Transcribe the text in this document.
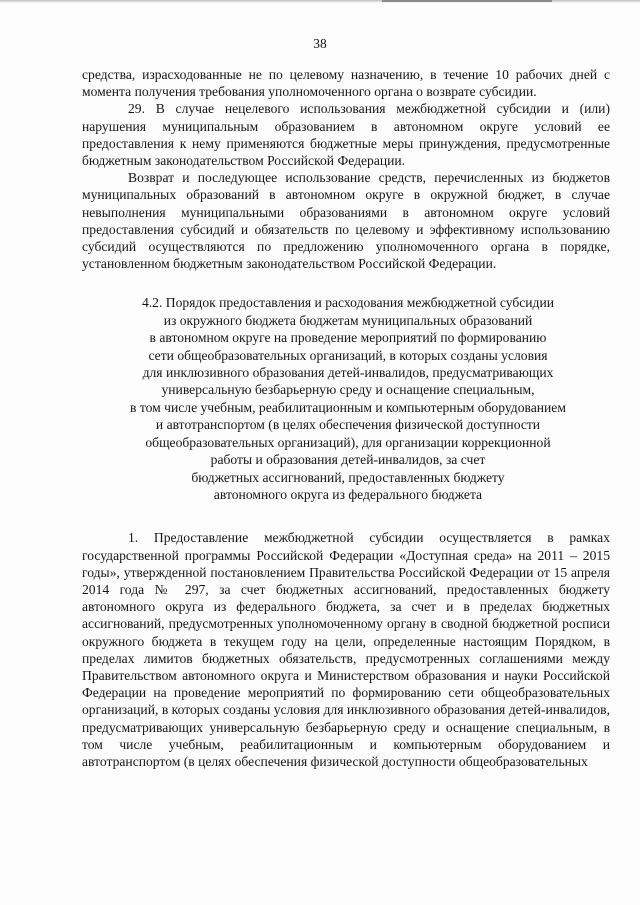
38

средства, израсходованные не по целевому назначению, в течение 10 рабочих дней с момента получения требования уполномоченного органа о возврате субсидии.

29. В случае нецелевого использования межбюджетной субсидии и (или) нарушения муниципальным образованием в автономном округе условий ее предоставления к нему применяются бюджетные меры принуждения, предусмотренные бюджетным законодательством Российской Федерации.

Возврат и последующее использование средств, перечисленных из бюджетов муниципальных образований в автономном округе в окружной бюджет, в случае невыполнения муниципальными образованиями в автономном округе условий предоставления субсидий и обязательств по целевому и эффективному использованию субсидий осуществляются по предложению уполномоченного органа в порядке, установленном бюджетным законодательством Российской Федерации.

4.2. Порядок предоставления и расходования межбюджетной субсидии
из окружного бюджета бюджетам муниципальных образований
в автономном округе на проведение мероприятий по формированию
сети общеобразовательных организаций, в которых созданы условия
для инклюзивного образования детей-инвалидов, предусматривающих
универсальную безбарьерную среду и оснащение специальным,
в том числе учебным, реабилитационным и компьютерным оборудованием
и автотранспортом (в целях обеспечения физической доступности
общеобразовательных организаций), для организации коррекционной
работы и образования детей-инвалидов, за счет
бюджетных ассигнований, предоставленных бюджету
автономного округа из федерального бюджета

1. Предоставление межбюджетной субсидии осуществляется в рамках государственной программы Российской Федерации «Доступная среда» на 2011 – 2015 годы», утвержденной постановлением Правительства Российской Федерации от 15 апреля 2014 года № 297, за счет бюджетных ассигнований, предоставленных бюджету автономного округа из федерального бюджета, за счет и в пределах бюджетных ассигнований, предусмотренных уполномоченному органу в сводной бюджетной росписи окружного бюджета в текущем году на цели, определенные настоящим Порядком, в пределах лимитов бюджетных обязательств, предусмотренных соглашениями между Правительством автономного округа и Министерством образования и науки Российской Федерации на проведение мероприятий по формированию сети общеобразовательных организаций, в которых созданы условия для инклюзивного образования детей-инвалидов, предусматривающих универсальную безбарьерную среду и оснащение специальным, в том числе учебным, реабилитационным и компьютерным оборудованием и автотранспортом (в целях обеспечения физической доступности общеобразовательных
